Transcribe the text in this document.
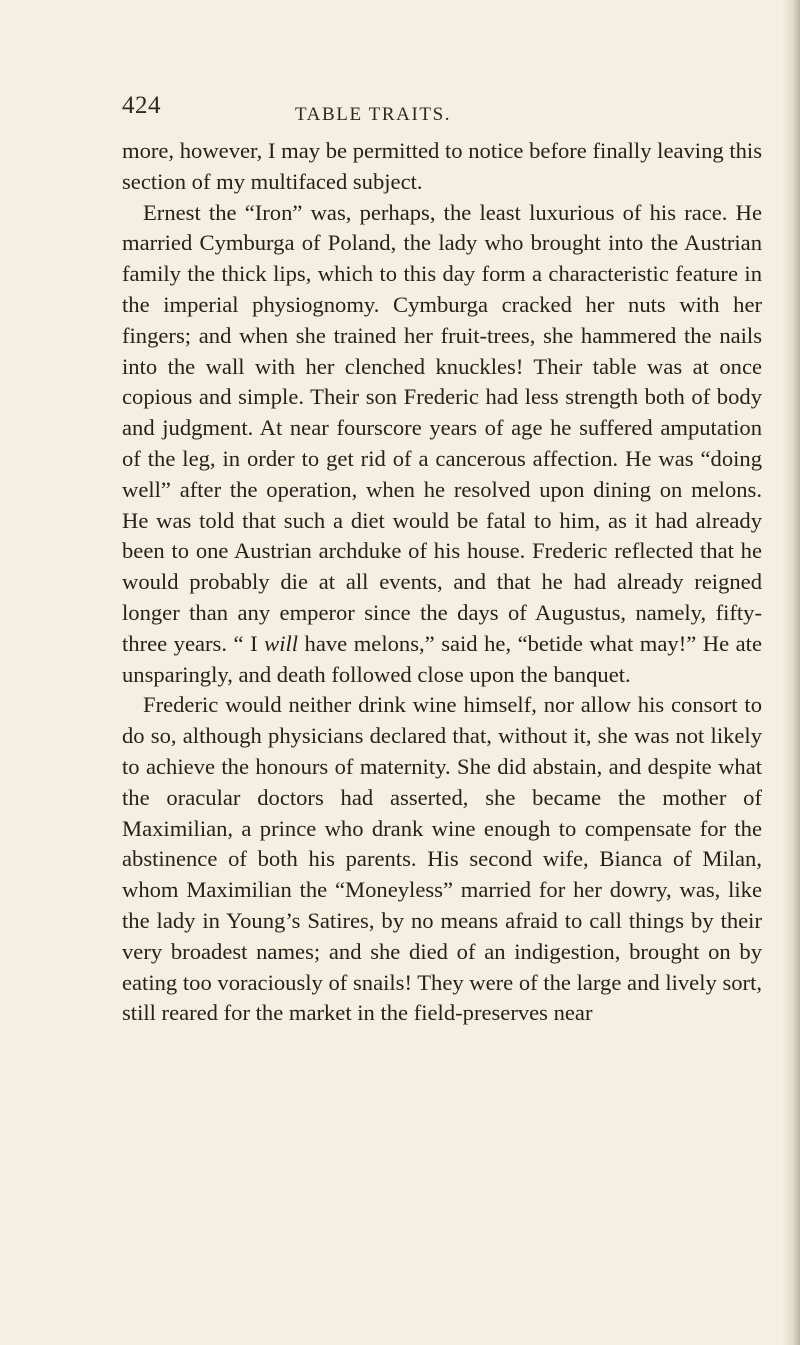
424	TABLE TRAITS.

more, however, I may be permitted to notice before finally leaving this section of my multifaced subject.

Ernest the “Iron” was, perhaps, the least luxurious of his race. He married Cymburga of Poland, the lady who brought into the Austrian family the thick lips, which to this day form a characteristic feature in the imperial physiognomy. Cymburga cracked her nuts with her fingers; and when she trained her fruit-trees, she hammered the nails into the wall with her clenched knuckles! Their table was at once copious and simple. Their son Frederic had less strength both of body and judgment. At near fourscore years of age he suffered amputation of the leg, in order to get rid of a cancerous affection. He was “doing well” after the operation, when he resolved upon dining on melons. He was told that such a diet would be fatal to him, as it had already been to one Austrian archduke of his house. Frederic reflected that he would probably die at all events, and that he had already reigned longer than any emperor since the days of Augustus, namely, fifty-three years. “ I will have melons,” said he, “betide what may!” He ate unsparingly, and death followed close upon the banquet.

Frederic would neither drink wine himself, nor allow his consort to do so, although physicians declared that, without it, she was not likely to achieve the honours of maternity. She did abstain, and despite what the oracular doctors had asserted, she became the mother of Maximilian, a prince who drank wine enough to compensate for the abstinence of both his parents. His second wife, Bianca of Milan, whom Maximilian the “Moneyless” married for her dowry, was, like the lady in Young’s Satires, by no means afraid to call things by their very broadest names; and she died of an indigestion, brought on by eating too voraciously of snails! They were of the large and lively sort, still reared for the market in the field-preserves near
